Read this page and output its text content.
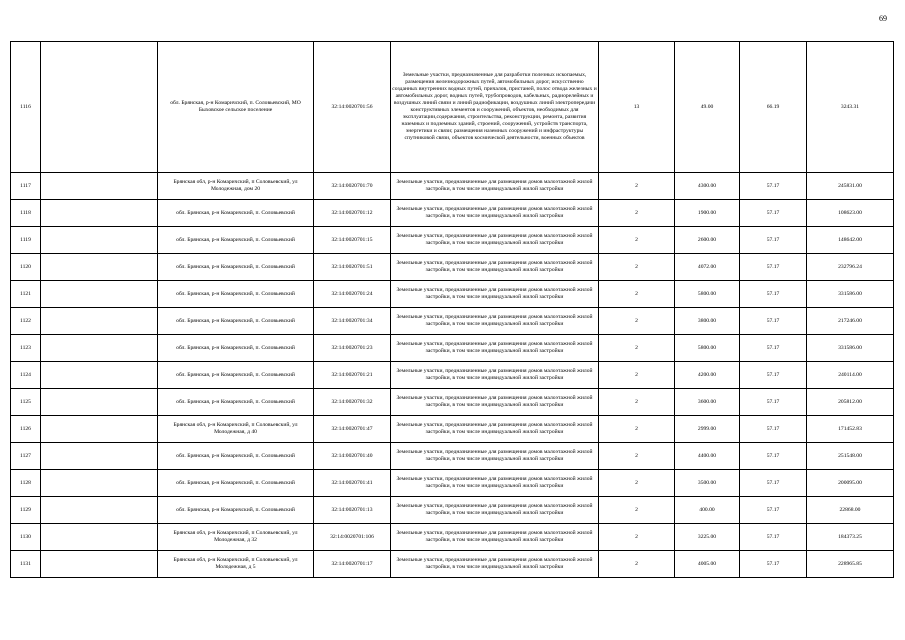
69
1116		обл. Брянская, р-н Комаричский, п. Соловьевский, МО Быховское сельское поселение	32:14:0020701:56	Земельные участки, предназначенные для разработки полезных ископаемых, размещения железнодорожных путей, автомобильных дорог, искусственно созданных внутренних водных путей, причалов, пристаней, полос отвода железных и автомобильных дорог, водных путей, трубопроводов, кабельных, радиорелейных и воздушных линий связи и линий радиофикации, воздушных линий электропередачи конструктивных элементов и сооружений, объектов, необходимых для эксплуатации,содержания, строительства, реконструкции, ремонта, развития наземных и подземных зданий, строений, сооружений, устройств транспорта, энергетики и связи; размещения наземных сооружений и инфраструктуры спутниковой связи, объектов космической деятельности, военных объектов	13	49.00	66.19	3243.31
1117		Брянская обл, р-н Комаричский, п Соловьевский, ул Молодежная, дом 20	32:14:0020701:70	Земельные участки, предназначенные для размещения домов малоэтажной жилой застройки, в том числе индивидуальной жилой застройки	2	4300.00	57.17	245831.00
1118		обл. Брянская, р-н Комаричский, п. Соловьевский	32:14:0020701:12	Земельные участки, предназначенные для размещения домов малоэтажной жилой застройки, в том числе индивидуальной жилой застройки	2	1900.00	57.17	108623.00
1119		обл. Брянская, р-н Комаричский, п. Соловьевский	32:14:0020701:15	Земельные участки, предназначенные для размещения домов малоэтажной жилой застройки, в том числе индивидуальной жилой застройки	2	2600.00	57.17	148642.00
1120		обл. Брянская, р-н Комаричский, п. Соловьевский	32:14:0020701:51	Земельные участки, предназначенные для размещения домов малоэтажной жилой застройки, в том числе индивидуальной жилой застройки	2	4072.00	57.17	232796.24
1121		обл. Брянская, р-н Комаричский, п. Соловьевский	32:14:0020701:24	Земельные участки, предназначенные для размещения домов малоэтажной жилой застройки, в том числе индивидуальной жилой застройки	2	5800.00	57.17	331586.00
1122		обл. Брянская, р-н Комаричский, п. Соловьевский	32:14:0020701:34	Земельные участки, предназначенные для размещения домов малоэтажной жилой застройки, в том числе индивидуальной жилой застройки	2	3800.00	57.17	217246.00
1123		обл. Брянская, р-н Комаричский, п. Соловьевский	32:14:0020701:23	Земельные участки, предназначенные для размещения домов малоэтажной жилой застройки, в том числе индивидуальной жилой застройки	2	5800.00	57.17	331586.00
1124		обл. Брянская, р-н Комаричский, п. Соловьевский	32:14:0020701:21	Земельные участки, предназначенные для размещения домов малоэтажной жилой застройки, в том числе индивидуальной жилой застройки	2	4200.00	57.17	240114.00
1125		обл. Брянская, р-н Комаричский, п. Соловьевский	32:14:0020701:32	Земельные участки, предназначенные для размещения домов малоэтажной жилой застройки, в том числе индивидуальной жилой застройки	2	3600.00	57.17	205812.00
1126		Брянская обл, р-н Комаричский, п Соловьевский, ул Молодежная, д 40	32:14:0020701:47	Земельные участки, предназначенные для размещения домов малоэтажной жилой застройки, в том числе индивидуальной жилой застройки	2	2999.00	57.17	171452.83
1127		обл. Брянская, р-н Комаричский, п. Соловьевский	32:14:0020701:40	Земельные участки, предназначенные для размещения домов малоэтажной жилой застройки, в том числе индивидуальной жилой застройки	2	4400.00	57.17	251548.00
1128		обл. Брянская, р-н Комаричский, п. Соловьевский	32:14:0020701:41	Земельные участки, предназначенные для размещения домов малоэтажной жилой застройки, в том числе индивидуальной жилой застройки	2	3500.00	57.17	200095.00
1129		обл. Брянская, р-н Комаричский, п. Соловьевский	32:14:0020701:13	Земельные участки, предназначенные для размещения домов малоэтажной жилой застройки, в том числе индивидуальной жилой застройки	2	400.00	57.17	22868.00
1130		Брянская обл, р-н Комаричский, п Соловьевский, ул Молодежная, д 32	32:14:0020701:106	Земельные участки, предназначенные для размещения домов малоэтажной жилой застройки, в том числе индивидуальной жилой застройки	2	3225.00	57.17	184373.25
1131		Брянская обл, р-н Комаричский, п Соловьевский, ул Молодежная, д 5	32:14:0020701:17	Земельные участки, предназначенные для размещения домов малоэтажной жилой застройки, в том числе индивидуальной жилой застройки	2	4005.00	57.17	228965.85
